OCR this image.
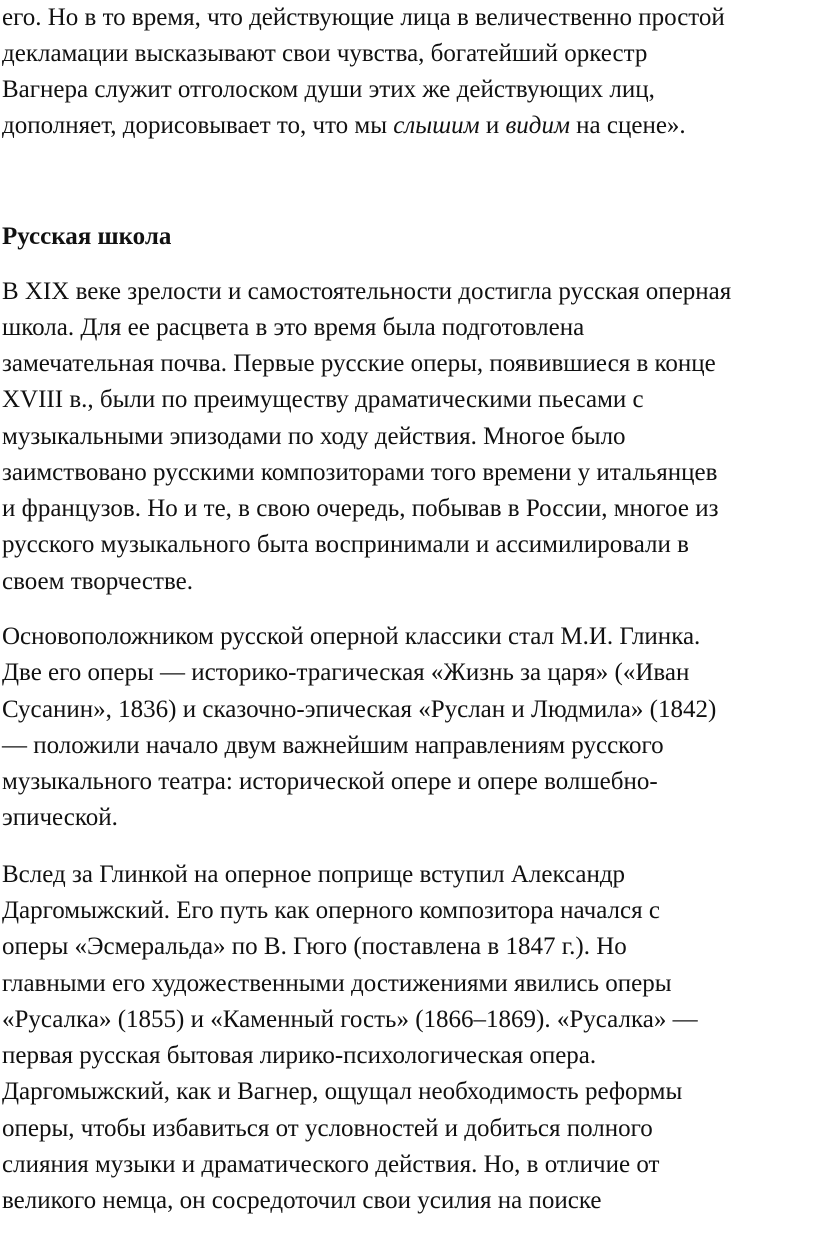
его. Но в то время, что действующие лица в величественно простой
декламации высказывают свои чувства, богатейший оркестр
Вагнера служит отголоском души этих же действующих лиц,
дополняет, дорисовывает то, что мы слышим и видим на сцене».
Русская школа
В XIX веке зрелости и самостоятельности достигла русская оперная
школа. Для ее расцвета в это время была подготовлена
замечательная почва. Первые русские оперы, появившиеся в конце
XVIII в., были по преимуществу драматическими пьесами с
музыкальными эпизодами по ходу действия. Многое было
заимствовано русскими композиторами того времени у итальянцев
и французов. Но и те, в свою очередь, побывав в России, многое из
русского музыкального быта воспринимали и ассимилировали в
своем творчестве.
Основоположником русской оперной классики стал М.И. Глинка.
Две его оперы — историко-трагическая «Жизнь за царя» («Иван
Сусанин», 1836) и сказочно-эпическая «Руслан и Людмила» (1842)
— положили начало двум важнейшим направлениям русского
музыкального театра: исторической опере и опере волшебно-
эпической.
Вслед за Глинкой на оперное поприще вступил Александр
Даргомыжский. Его путь как оперного композитора начался с
оперы «Эсмеральда» по В. Гюго (поставлена в 1847 г.). Но
главными его художественными достижениями явились оперы
«Русалка» (1855) и «Каменный гость» (1866–1869). «Русалка» —
первая русская бытовая лирико-психологическая опера.
Даргомыжский, как и Вагнер, ощущал необходимость реформы
оперы, чтобы избавиться от условностей и добиться полного
слияния музыки и драматического действия. Но, в отличие от
великого немца, он сосредоточил свои усилия на поиске
